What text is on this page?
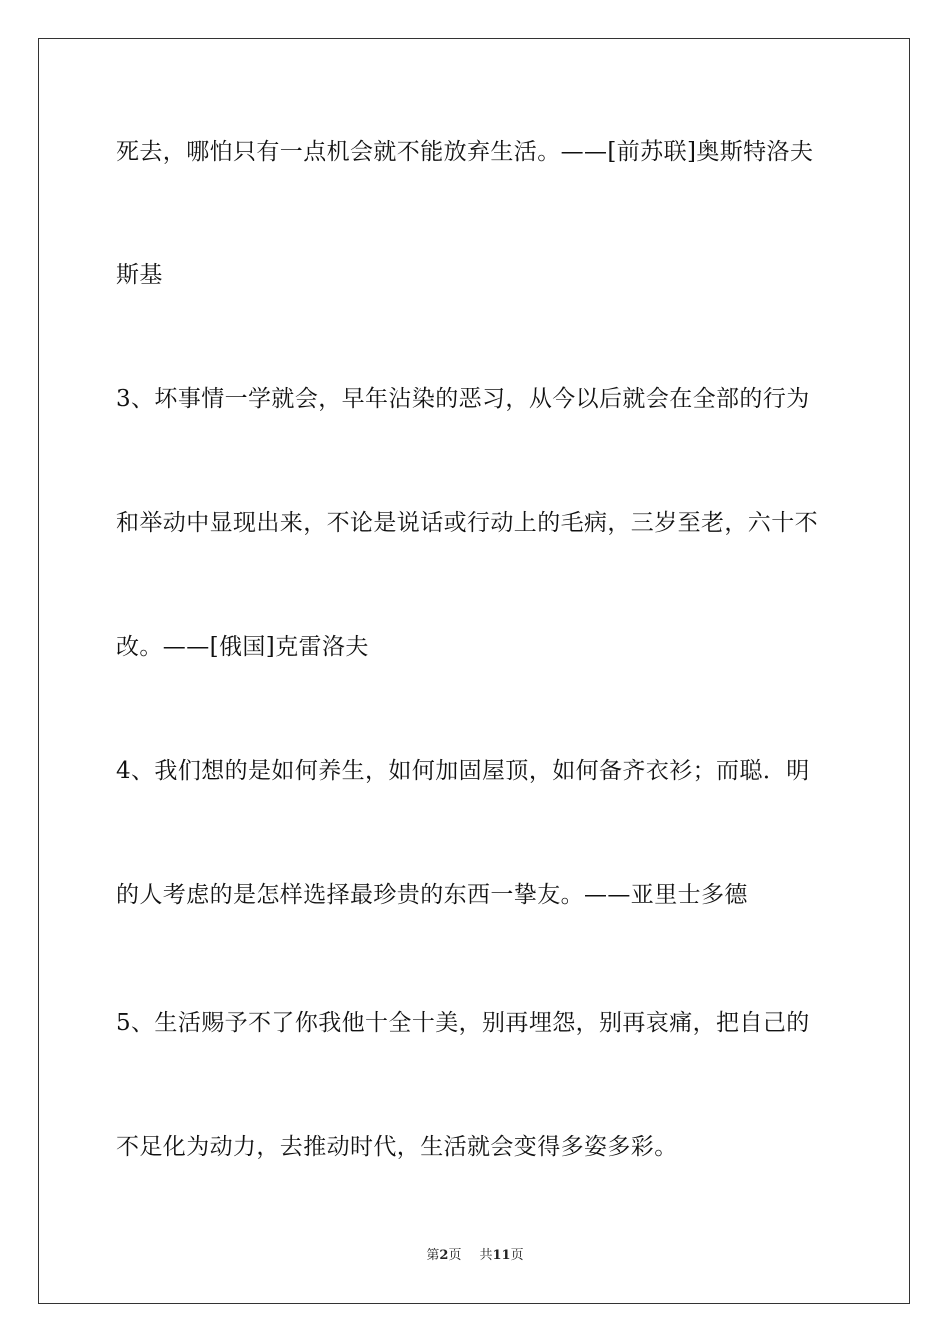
死去，哪怕只有一点机会就不能放弃生活。——[前苏联]奥斯特洛夫
斯基
3、坏事情一学就会，早年沾染的恶习，从今以后就会在全部的行为
和举动中显现出来，不论是说话或行动上的毛病，三岁至老，六十不
改。——[俄国]克雷洛夫
4、我们想的是如何养生，如何加固屋顶，如何备齐衣衫；而聪．明
的人考虑的是怎样选择最珍贵的东西一挚友。——亚里士多德
5、生活赐予不了你我他十全十美，别再埋怨，别再哀痛，把自己的
不足化为动力，去推动时代，生活就会变得多姿多彩。
第2页 共11页
